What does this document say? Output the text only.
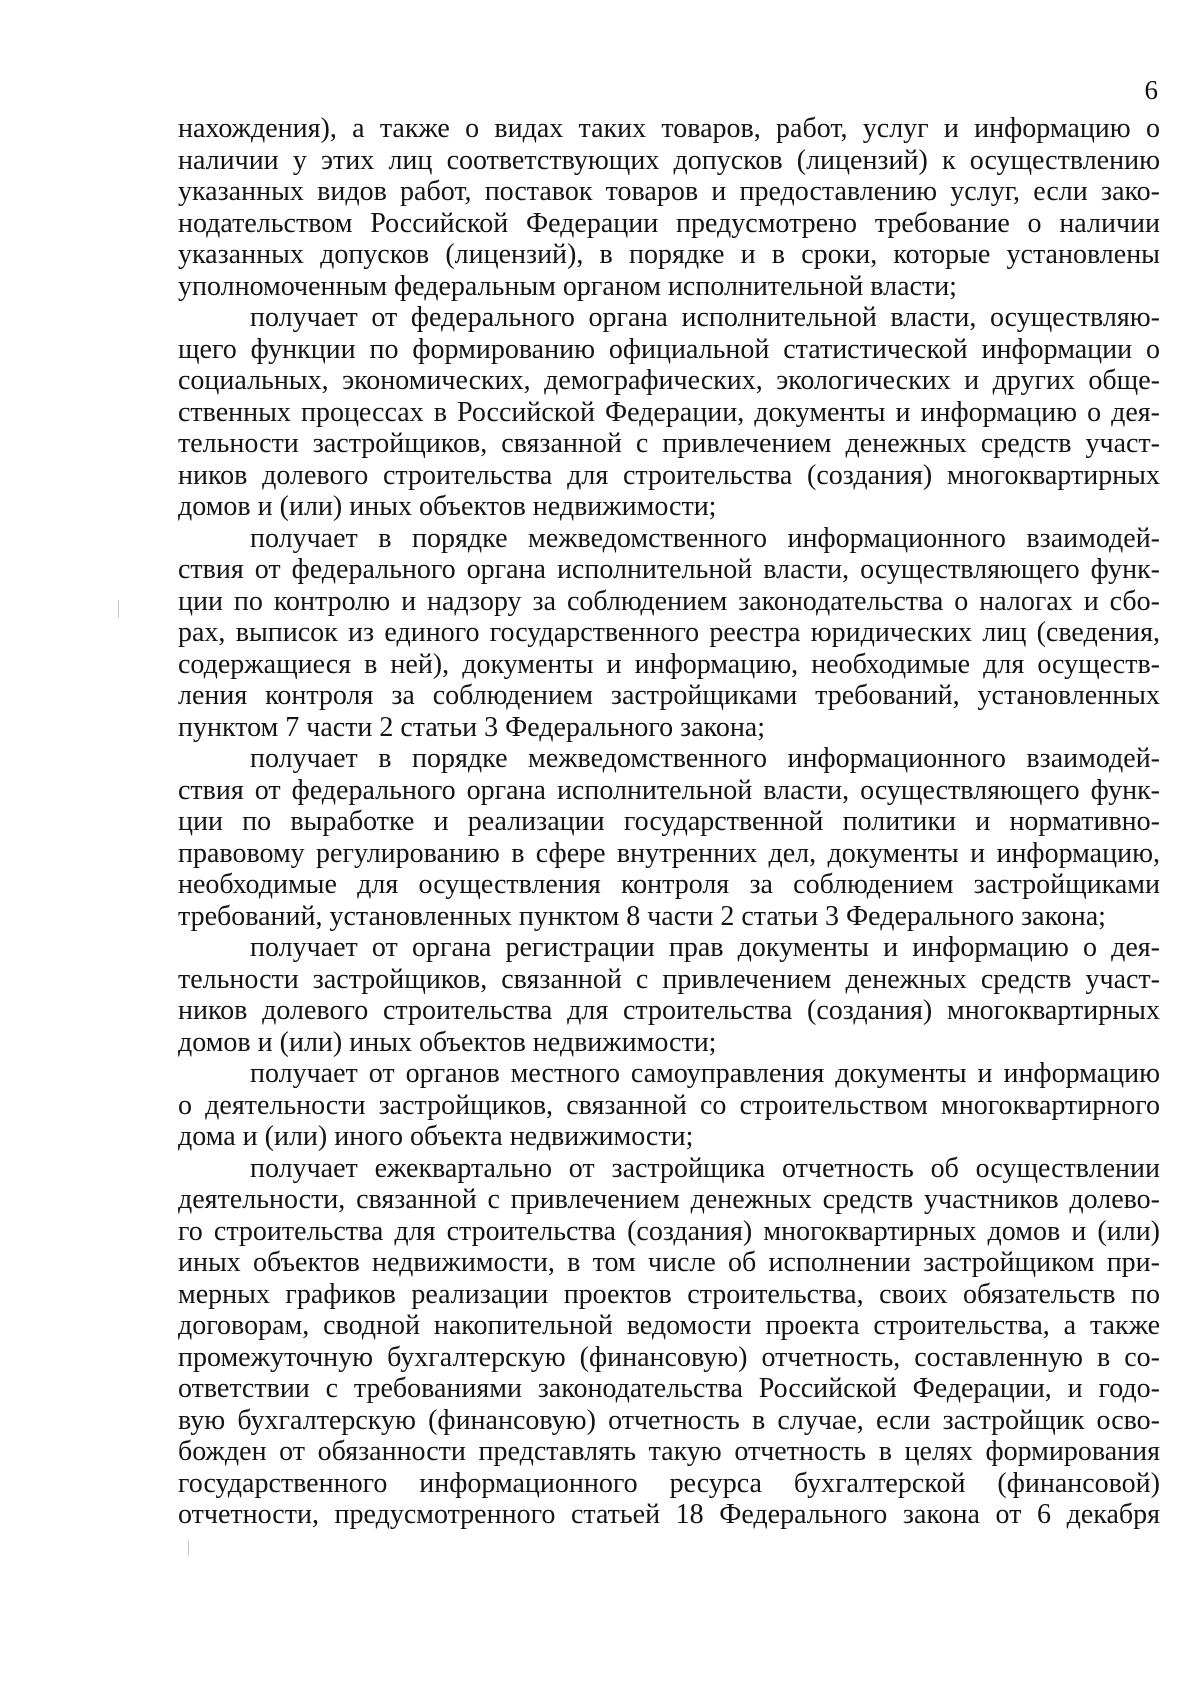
6
нахождения), а также о видах таких товаров, работ, услуг и информацию о
наличии у этих лиц соответствующих допусков (лицензий) к осуществлению
указанных видов работ, поставок товаров и предоставлению услуг, если зако-
нодательством Российской Федерации предусмотрено требование о наличии
указанных допусков (лицензий), в порядке и в сроки, которые установлены
уполномоченным федеральным органом исполнительной власти;
получает от федерального органа исполнительной власти, осуществляю-
щего функции по формированию официальной статистической информации о
социальных, экономических, демографических, экологических и других обще-
ственных процессах в Российской Федерации, документы и информацию о дея-
тельности застройщиков, связанной с привлечением денежных средств участ-
ников долевого строительства для строительства (создания) многоквартирных
домов и (или) иных объектов недвижимости;
получает в порядке межведомственного информационного взаимодей-
ствия от федерального органа исполнительной власти, осуществляющего функ-
ции по контролю и надзору за соблюдением законодательства о налогах и сбо-
рах, выписок из единого государственного реестра юридических лиц (сведения,
содержащиеся в ней), документы и информацию, необходимые для осуществ-
ления контроля за соблюдением застройщиками требований, установленных
пунктом 7 части 2 статьи 3 Федерального закона;
получает в порядке межведомственного информационного взаимодей-
ствия от федерального органа исполнительной власти, осуществляющего функ-
ции по выработке и реализации государственной политики и нормативно-
правовому регулированию в сфере внутренних дел, документы и информацию,
необходимые для осуществления контроля за соблюдением застройщиками
требований, установленных пунктом 8 части 2 статьи 3 Федерального закона;
получает от органа регистрации прав документы и информацию о дея-
тельности застройщиков, связанной с привлечением денежных средств участ-
ников долевого строительства для строительства (создания) многоквартирных
домов и (или) иных объектов недвижимости;
получает от органов местного самоуправления документы и информацию
о деятельности застройщиков, связанной со строительством многоквартирного
дома и (или) иного объекта недвижимости;
получает ежеквартально от застройщика отчетность об осуществлении
деятельности, связанной с привлечением денежных средств участников долево-
го строительства для строительства (создания) многоквартирных домов и (или)
иных объектов недвижимости, в том числе об исполнении застройщиком при-
мерных графиков реализации проектов строительства, своих обязательств по
договорам, сводной накопительной ведомости проекта строительства, а также
промежуточную бухгалтерскую (финансовую) отчетность, составленную в со-
ответствии с требованиями законодательства Российской Федерации, и годо-
вую бухгалтерскую (финансовую) отчетность в случае, если застройщик осво-
божден от обязанности представлять такую отчетность в целях формирования
государственного информационного ресурса бухгалтерской (финансовой)
отчетности, предусмотренного статьей 18 Федерального закона от 6 декабря
